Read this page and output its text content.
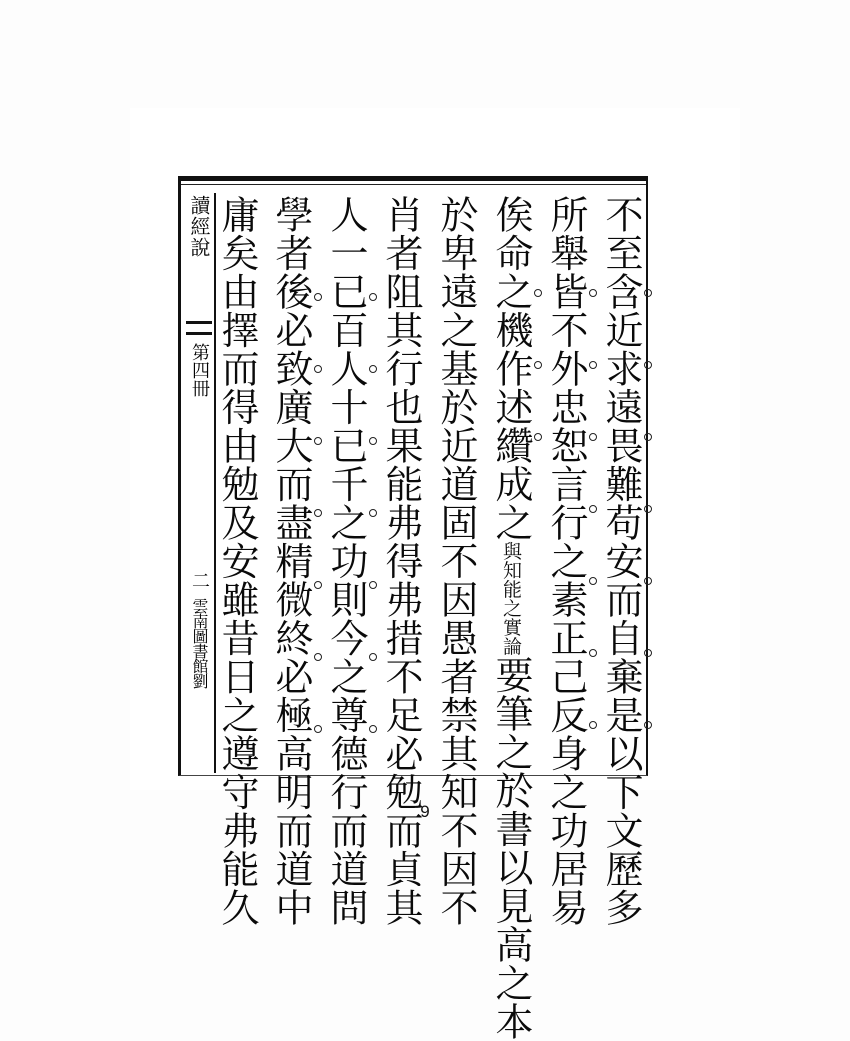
讀經說
第四冊
二
雲南圖書館劉	不至含近求遠畏難苟安而自棄是以下文歷多
所舉皆不外忠恕言行之素正己反身之功居易
俟命之機作述纘成之與知能之實論要筆之於書以見高之本
於卑遠之基於近道固不因愚者禁其知不因不
肖者阻其行也果能弗得弗措不足必勉而貞其
人一已百人十已千之功則今之尊德行而道問
學者後必致廣大而盡精微終必極高明而道中
庸矣由擇而得由勉及安雖昔日之遵守弗能久	9
